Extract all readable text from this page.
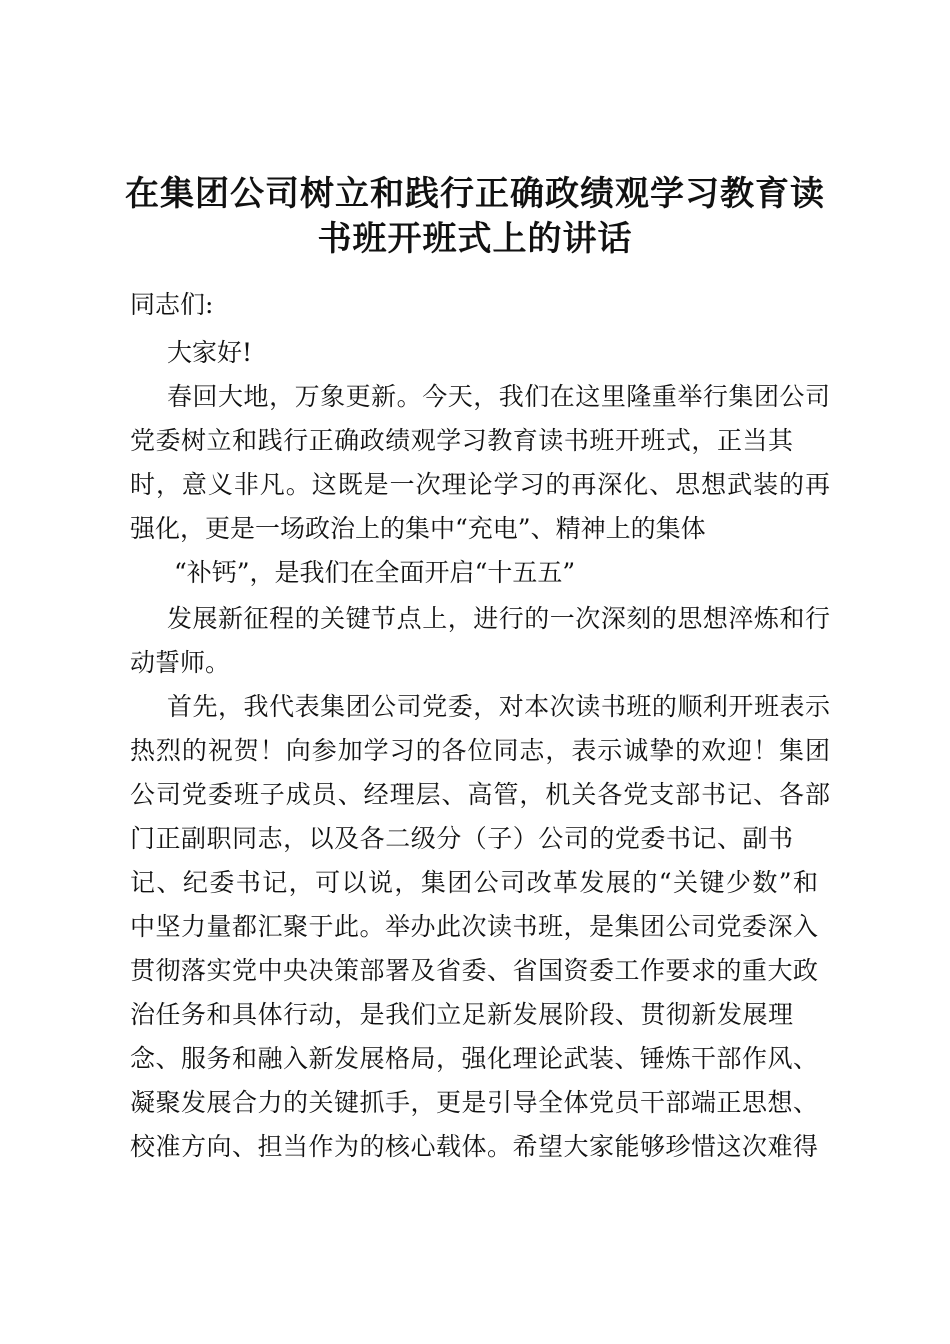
在集团公司树立和践行正确政绩观学习教育读
书班开班式上的讲话

同志们:

大家好!

春回大地，万象更新。今天，我们在这里隆重举行集团公司

党委树立和践行正确政绩观学习教育读书班开班式，正当其

时，意义非凡。这既是一次理论学习的再深化、思想武装的再

强化，更是一场政治上的集中“充电”、精神上的集体

“补钙”，是我们在全面开启“十五五”

发展新征程的关键节点上，进行的一次深刻的思想淬炼和行

动誓师。

首先，我代表集团公司党委，对本次读书班的顺利开班表示

热烈的祝贺！向参加学习的各位同志，表示诚挚的欢迎！集团

公司党委班子成员、经理层、高管，机关各党支部书记、各部

门正副职同志，以及各二级分（子）公司的党委书记、副书

记、纪委书记，可以说，集团公司改革发展的“关键少数”和

中坚力量都汇聚于此。举办此次读书班，是集团公司党委深入

贯彻落实党中央决策部署及省委、省国资委工作要求的重大政

治任务和具体行动，是我们立足新发展阶段、贯彻新发展理

念、服务和融入新发展格局，强化理论武装、锤炼干部作风、

凝聚发展合力的关键抓手，更是引导全体党员干部端正思想、

校准方向、担当作为的核心载体。希望大家能够珍惜这次难得
